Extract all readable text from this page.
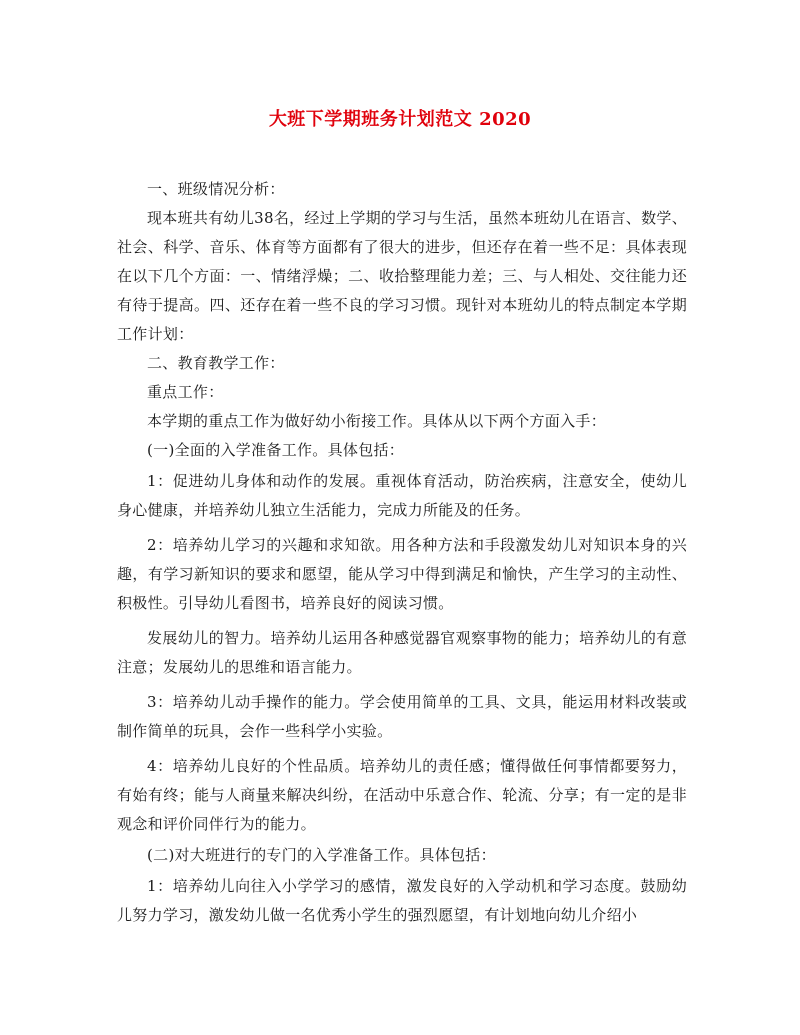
大班下学期班务计划范文 2020

一、班级情况分析：

现本班共有幼儿38名，经过上学期的学习与生活，虽然本班幼儿在语言、数学、社会、科学、音乐、体育等方面都有了很大的进步，但还存在着一些不足：具体表现在以下几个方面：一、情绪浮燥；二、收拾整理能力差；三、与人相处、交往能力还有待于提高。四、还存在着一些不良的学习习惯。现针对本班幼儿的特点制定本学期工作计划：

二、教育教学工作：

重点工作：

本学期的重点工作为做好幼小衔接工作。具体从以下两个方面入手：

(一)全面的入学准备工作。具体包括：

1：促进幼儿身体和动作的发展。重视体育活动，防治疾病，注意安全，使幼儿身心健康，并培养幼儿独立生活能力，完成力所能及的任务。

2：培养幼儿学习的兴趣和求知欲。用各种方法和手段激发幼儿对知识本身的兴趣，有学习新知识的要求和愿望，能从学习中得到满足和愉快，产生学习的主动性、积极性。引导幼儿看图书，培养良好的阅读习惯。

发展幼儿的智力。培养幼儿运用各种感觉器官观察事物的能力；培养幼儿的有意注意；发展幼儿的思维和语言能力。

3：培养幼儿动手操作的能力。学会使用简单的工具、文具，能运用材料改装或制作简单的玩具，会作一些科学小实验。

4：培养幼儿良好的个性品质。培养幼儿的责任感；懂得做任何事情都要努力，有始有终；能与人商量来解决纠纷，在活动中乐意合作、轮流、分享；有一定的是非观念和评价同伴行为的能力。

(二)对大班进行的专门的入学准备工作。具体包括：

1：培养幼儿向往入小学学习的感情，激发良好的入学动机和学习态度。鼓励幼儿努力学习，激发幼儿做一名优秀小学生的强烈愿望，有计划地向幼儿介绍小
